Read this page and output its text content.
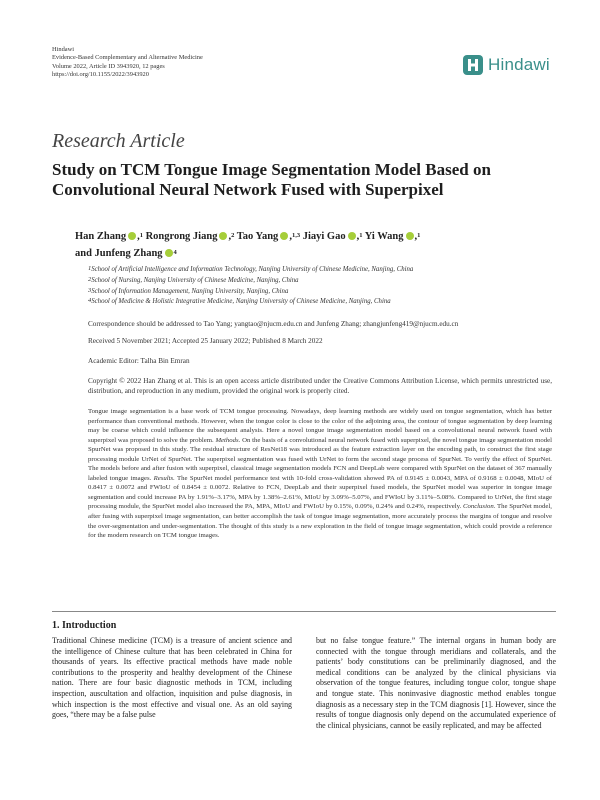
Hindawi
Evidence-Based Complementary and Alternative Medicine
Volume 2022, Article ID 3943920, 12 pages
https://doi.org/10.1155/2022/3943920
Hindawi
Research Article
Study on TCM Tongue Image Segmentation Model Based on Convolutional Neural Network Fused with Superpixel
Han Zhang ,$^1$ Rongrong Jiang ,$^2$ Tao Yang ,$^{1,3}$ Jiayi Gao ,$^1$ Yi Wang ,$^1$
and Junfeng Zhang $^4$
1School of Artificial Intelligence and Information Technology, Nanjing University of Chinese Medicine, Nanjing, China
2School of Nursing, Nanjing University of Chinese Medicine, Nanjing, China
3School of Information Management, Nanjing University, Nanjing, China
4School of Medicine & Holistic Integrative Medicine, Nanjing University of Chinese Medicine, Nanjing, China
Correspondence should be addressed to Tao Yang; yangtao@njucm.edu.cn and Junfeng Zhang; zhangjunfeng419@njucm.edu.cn
Received 5 November 2021; Accepted 25 January 2022; Published 8 March 2022
Academic Editor: Talha Bin Emran
Copyright © 2022 Han Zhang et al. This is an open access article distributed under the Creative Commons Attribution License, which permits unrestricted use, distribution, and reproduction in any medium, provided the original work is properly cited.
Tongue image segmentation is a base work of TCM tongue processing. Nowadays, deep learning methods are widely used on tongue segmentation, which has better performance than conventional methods. However, when the tongue color is close to the color of the adjoining area, the contour of tongue segmentation by deep learning may be coarse which could influence the subsequent analysis. Here a novel tongue image segmentation model based on a convolutional neural network fused with superpixel was proposed to solve the problem. Methods. On the basis of a convolutional neural network fused with superpixel, the novel tongue image segmentation model SpurNet was proposed in this study. The residual structure of ResNet18 was introduced as the feature extraction layer on the encoding path, to construct the first stage processing module UrNet of SpurNet. The superpixel segmentation was fused with UrNet to form the second stage process of SpurNet. To verify the effect of SpurNet. The models before and after fusion with superpixel, classical image segmentation models FCN and DeepLab were compared with SpurNet on the dataset of 367 manually labeled tongue images. Results. The SpurNet model performance test with 10-fold cross-validation showed PA of 0.9145 ± 0.0043, MPA of 0.9168 ± 0.0048, MIoU of 0.8417 ± 0.0072 and FWIoU of 0.8454 ± 0.0072. Relative to FCN, DeepLab and their superpixel fused models, the SpurNet model was superior in tongue image segmentation and could increase PA by 1.91%–3.17%, MPA by 1.38%–2.61%, MIoU by 3.09%–5.07%, and FWIoU by 3.11%–5.08%. Compared to UrNet, the first stage processing module, the SpurNet model also increased the PA, MPA, MIoU and FWIoU by 0.15%, 0.09%, 0.24% and 0.24%, respectively. Conclusion. The SpurNet model, after fusing with superpixel image segmentation, can better accomplish the task of tongue image segmentation, more accurately process the margins of tongue and resolve the over-segmentation and under-segmentation. The thought of this study is a new exploration in the field of tongue image segmentation, which could provide a reference for the modern research on TCM tongue images.
1. Introduction
Traditional Chinese medicine (TCM) is a treasure of ancient science and the intelligence of Chinese culture that has been celebrated in China for thousands of years. Its effective practical methods have made noble contributions to the prosperity and healthy development of the Chinese nation. There are four basic diagnostic methods in TCM, including inspection, auscultation and olfaction, inquisition and pulse diagnosis, in which inspection is the most effective and visual one. As an old saying goes, “there may be a false pulse
but no false tongue feature.” The internal organs in human body are connected with the tongue through meridians and collaterals, and the patients’ body constitutions can be preliminarily diagnosed, and the medical conditions can be analyzed by the clinical physicians via observation of the tongue features, including tongue color, tongue shape and tongue state. This noninvasive diagnostic method enables tongue diagnosis as a necessary step in the TCM diagnosis [1]. However, since the results of tongue diagnosis only depend on the accumulated experience of the clinical physicians, cannot be easily replicated, and may be affected
